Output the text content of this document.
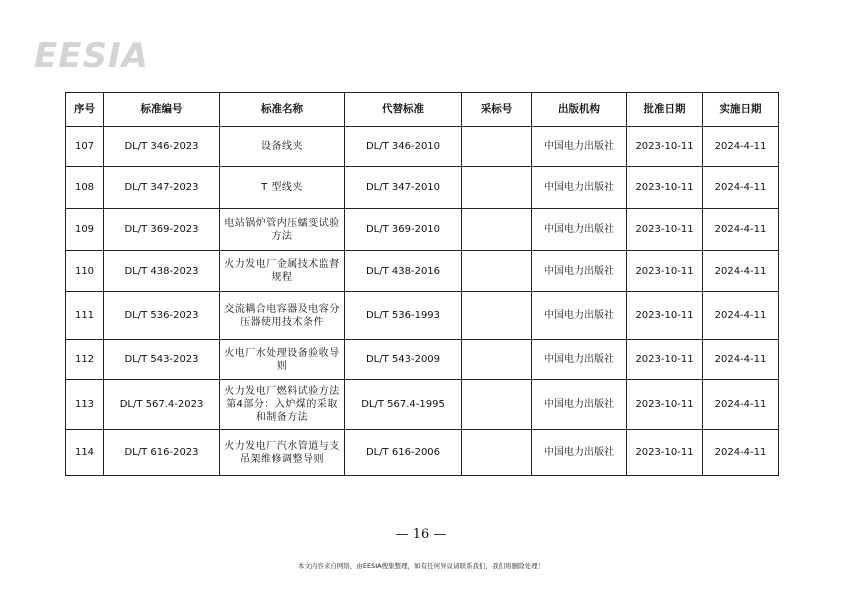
EESIA
序号	标准编号	标准名称	代替标准	采标号	出版机构	批准日期	实施日期
107	DL/T 346-2023	设备线夹	DL/T 346-2010		中国电力出版社	2023-10-11	2024-4-11
108	DL/T 347-2023	T 型线夹	DL/T 347-2010		中国电力出版社	2023-10-11	2024-4-11
109	DL/T 369-2023	电站锅炉管内压蠕变试验方法	DL/T 369-2010		中国电力出版社	2023-10-11	2024-4-11
110	DL/T 438-2023	火力发电厂金属技术监督规程	DL/T 438-2016		中国电力出版社	2023-10-11	2024-4-11
111	DL/T 536-2023	交流耦合电容器及电容分压器使用技术条件	DL/T 536-1993		中国电力出版社	2023-10-11	2024-4-11
112	DL/T 543-2023	火电厂水处理设备验收导则	DL/T 543-2009		中国电力出版社	2023-10-11	2024-4-11
113	DL/T 567.4-2023	火力发电厂燃料试验方法 第4部分：入炉煤的采取和制备方法	DL/T 567.4-1995		中国电力出版社	2023-10-11	2024-4-11
114	DL/T 616-2023	火力发电厂汽水管道与支吊架维修调整导则	DL/T 616-2006		中国电力出版社	2023-10-11	2024-4-11
— 16 —
本文内容来自网络，由EESIA搜集整理，如有任何异议请联系我们，我们将删除处理！
